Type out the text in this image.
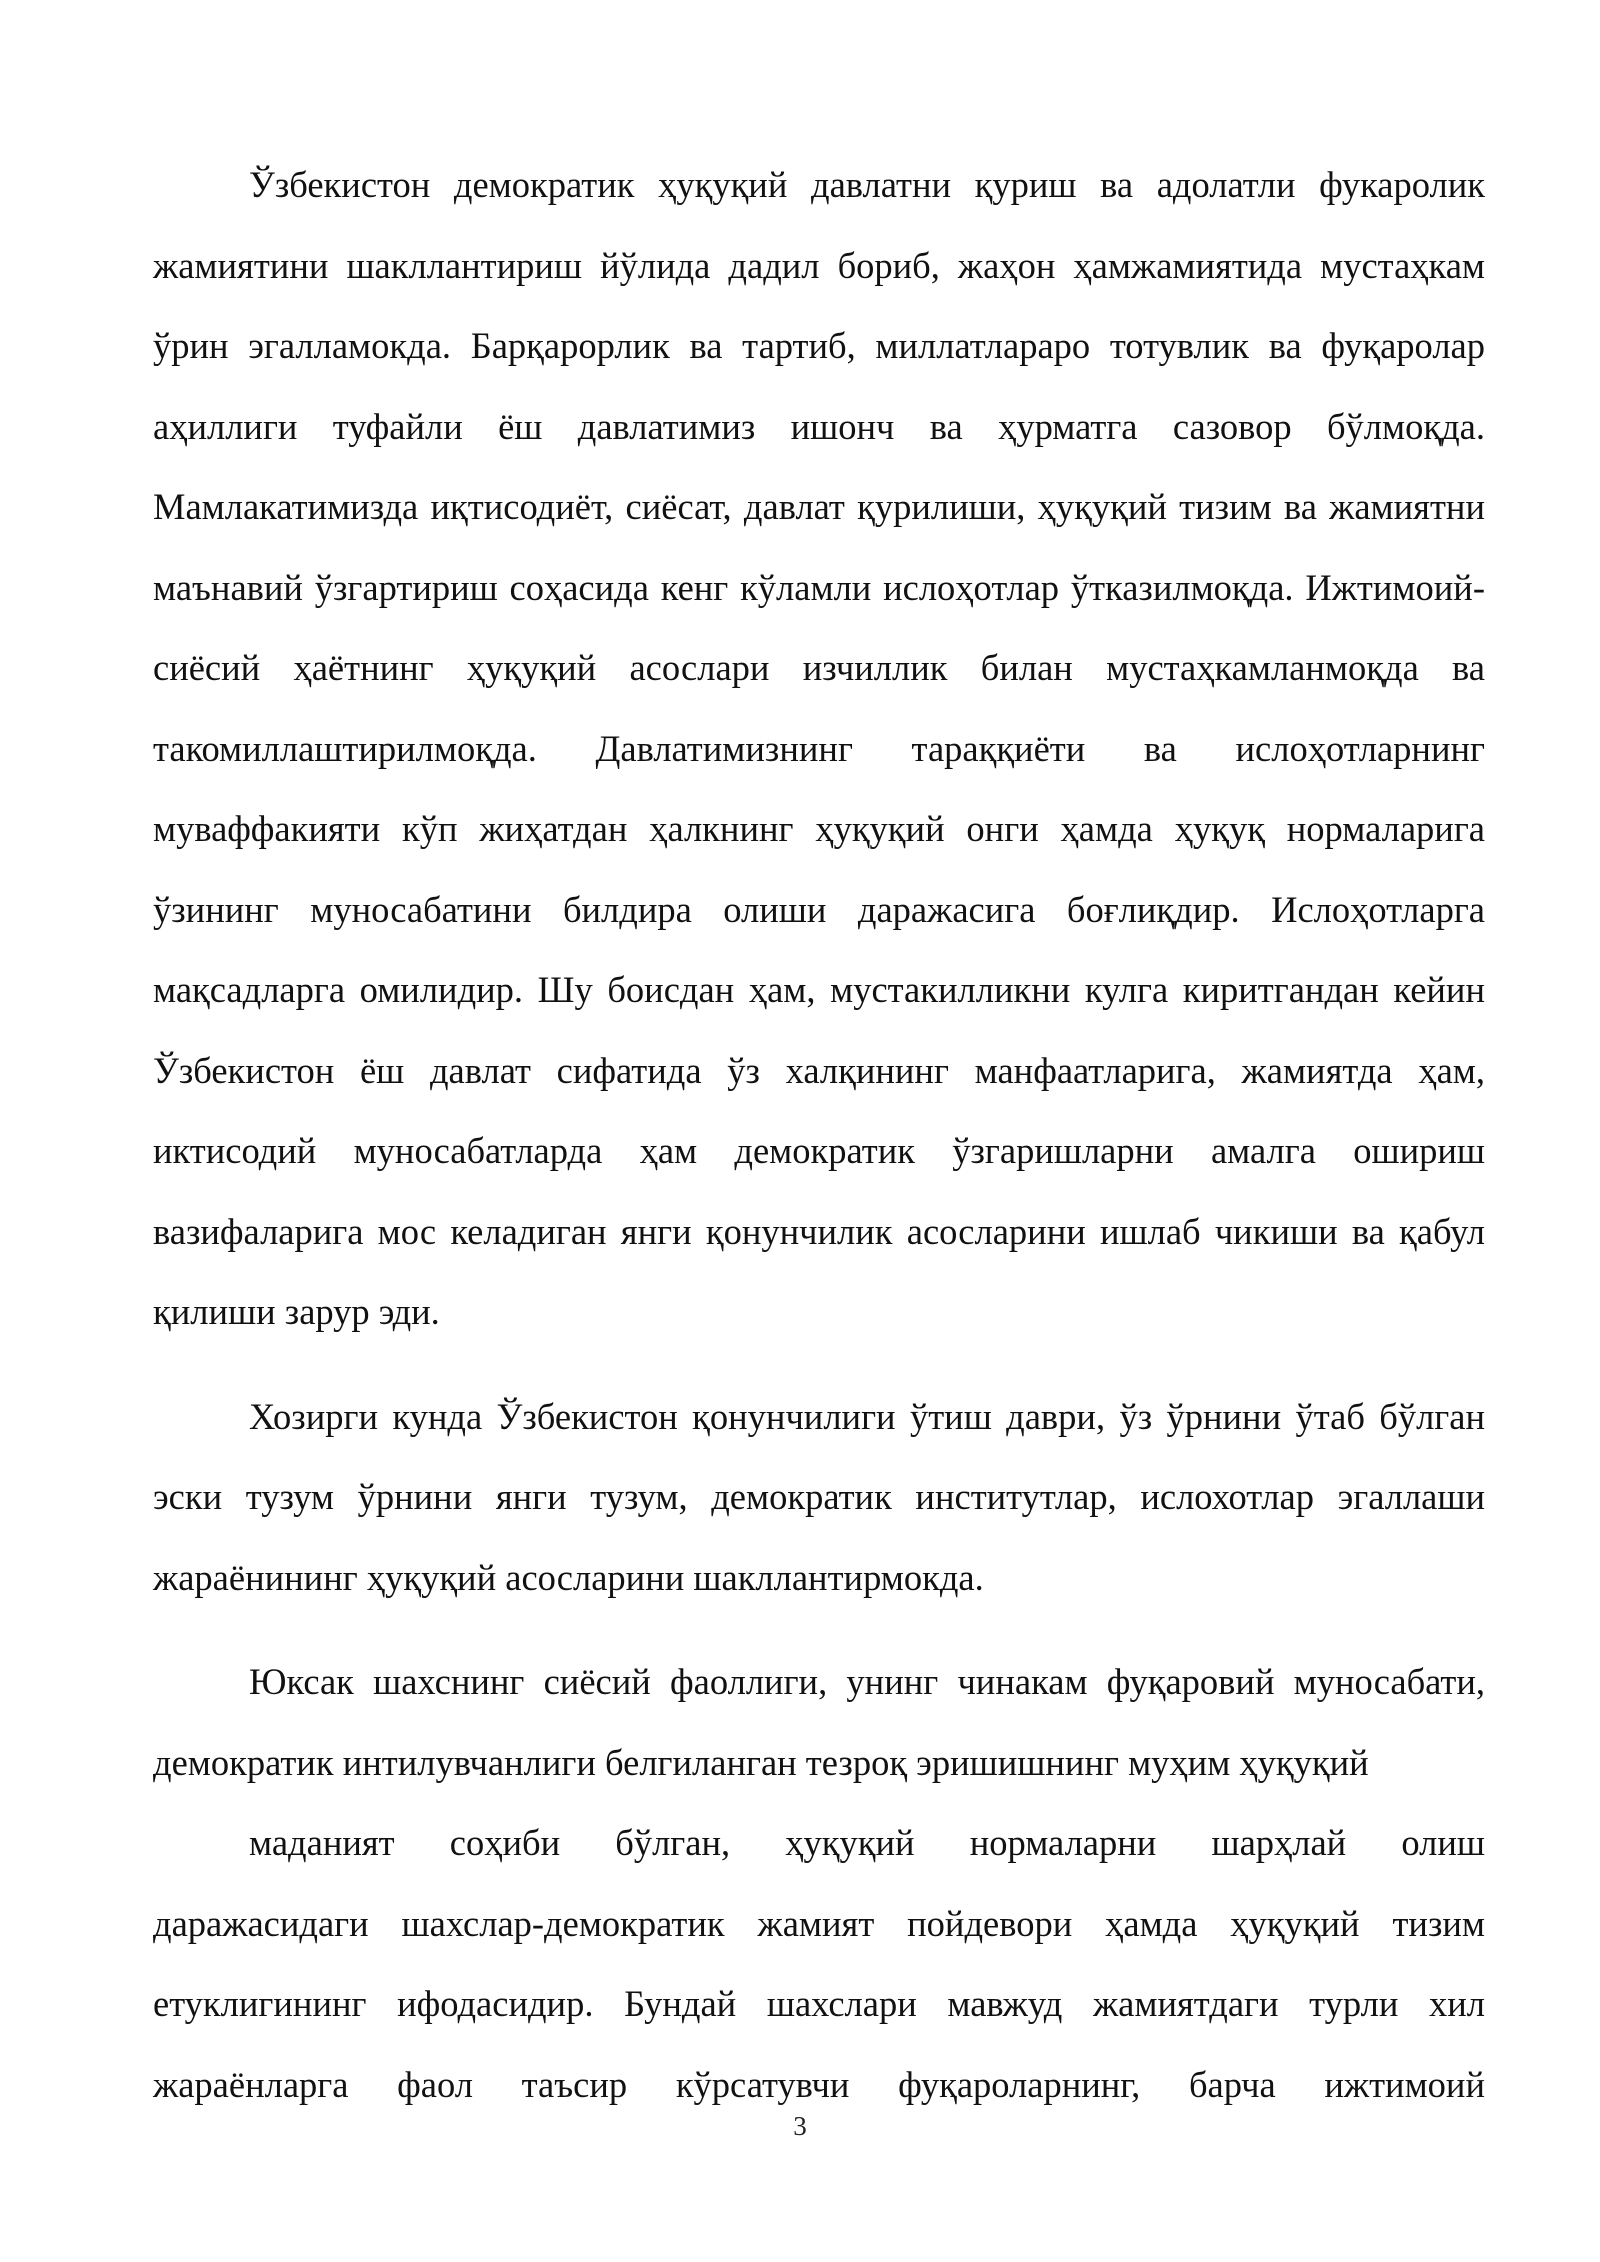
Ўзбекистон демократик ҳуқуқий давлатни қуриш ва адолатли фукаролик жамиятини шакллантириш йўлида дадил бориб, жаҳон ҳамжамиятида мустаҳкам ўрин эгалламокда. Барқарорлик ва тартиб, миллатлараро тотувлик ва фуқаролар аҳиллиги туфайли ёш давлатимиз ишонч ва ҳурматга сазовор бўлмоқда. Мамлакатимизда иқтисодиёт, сиёсат, давлат қурилиши, ҳуқуқий тизим ва жамиятни маънавий ўзгартириш соҳасида кенг кўламли ислоҳотлар ўтказилмоқда. Ижтимоий-сиёсий ҳаётнинг ҳуқуқий асослари изчиллик билан мустаҳкамланмоқда ва такомиллаштирилмоқда. Давлатимизнинг тараққиёти ва ислоҳотларнинг муваффакияти кўп жиҳатдан ҳалкнинг ҳуқуқий онги ҳамда ҳуқуқ нормаларига ўзининг муносабатини билдира олиши даражасига боғлиқдир. Ислоҳотларга мақсадларга омилидир. Шу боисдан ҳам, мустакилликни кулга киритгандан кейин Ўзбекистон ёш давлат сифатида ўз халқининг манфаатларига, жамиятда ҳам, иктисодий муносабатларда ҳам демократик ўзгаришларни амалга ошириш вазифаларига мос келадиган янги қонунчилик асосларини ишлаб чикиши ва қабул қилиши зарур эди.

Хозирги кунда Ўзбекистон қонунчилиги ўтиш даври, ўз ўрнини ўтаб бўлган эски тузум ўрнини янги тузум, демократик институтлар, ислохотлар эгаллаши жараёнининг ҳуқуқий асосларини шакллантирмокда.

Юксак шахснинг сиёсий фаоллиги, унинг чинакам фуқаровий муносабати, демократик интилувчанлиги белгиланган тезроқ эришишнинг муҳим ҳуқуқий

маданият соҳиби бўлган, ҳуқуқий нормаларни шарҳлай олиш

даражасидаги шахслар-демократик жамият пойдевори ҳамда ҳуқуқий тизим етуклигининг ифодасидир. Бундай шахслари мавжуд жамиятдаги турли хил жараёнларга фаол таъсир кўрсатувчи фуқароларнинг, барча ижтимоий

3
